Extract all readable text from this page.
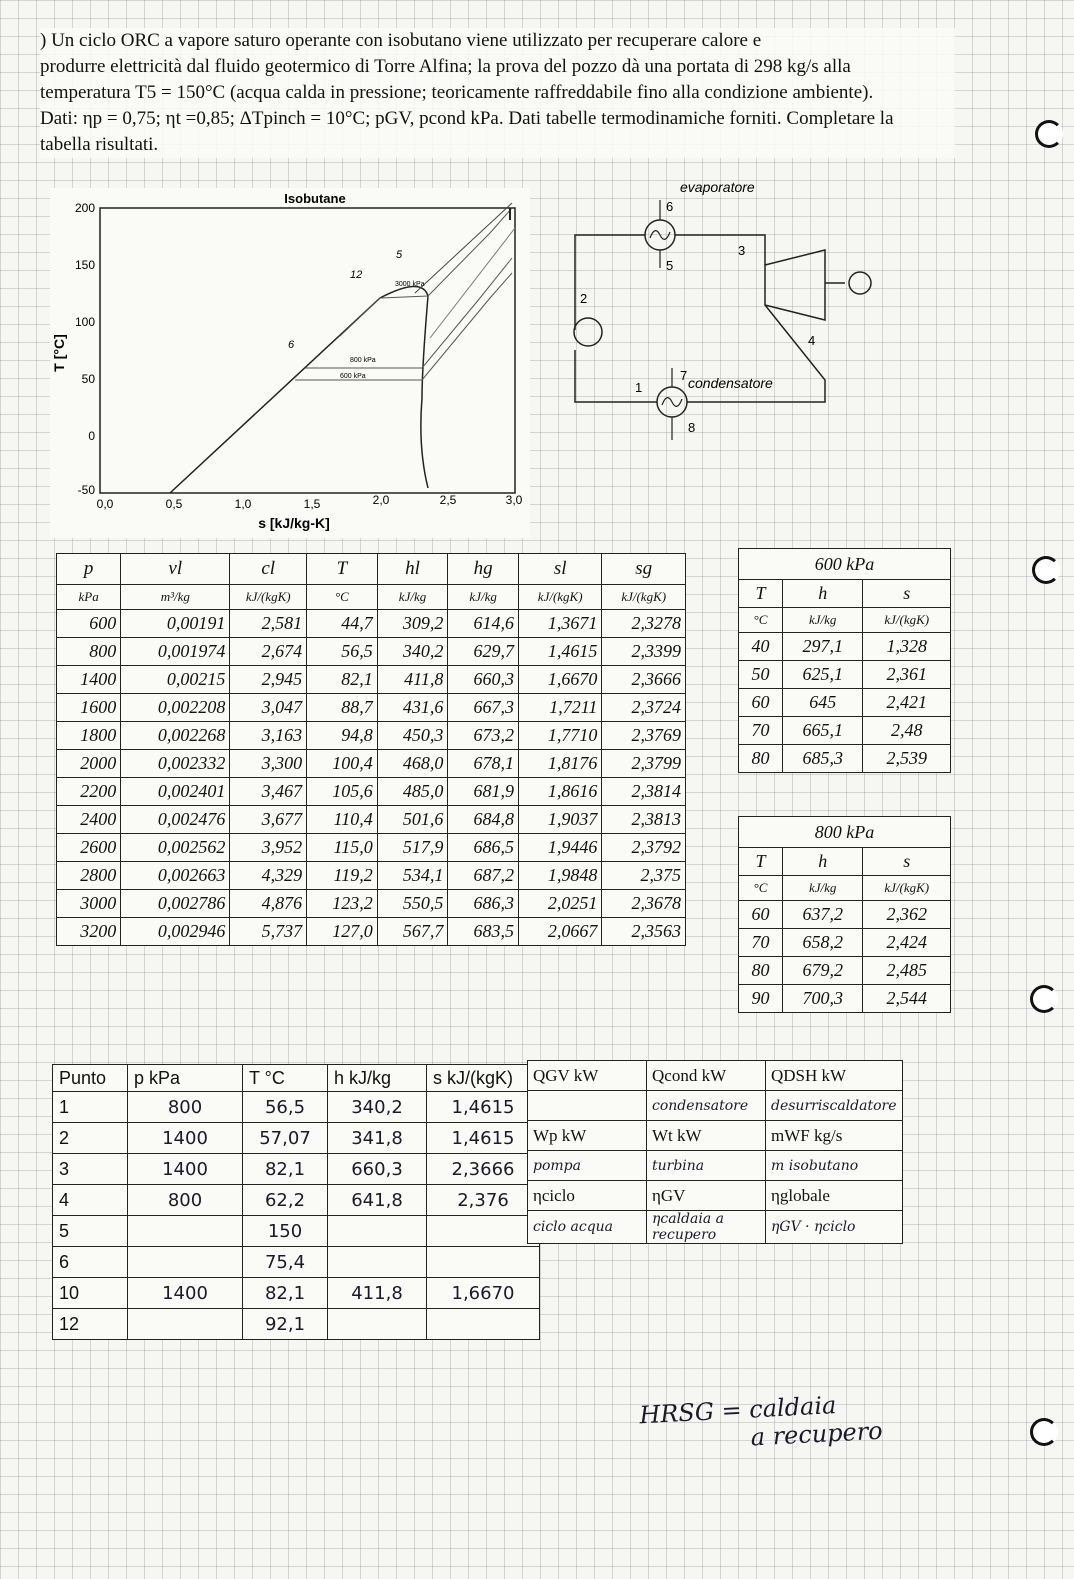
) Un ciclo ORC a vapore saturo operante con isobutano viene utilizzato per recuperare calore e
produrre elettricità dal fluido geotermico di Torre Alfina; la prova del pozzo dà una portata di 298 kg/s alla
temperatura T5 = 150°C (acqua calda in pressione; teoricamente raffreddabile fino alla condizione ambiente).
Dati: ηp = 0,75; ηt =0,85; ΔTpinch = 10°C; pGV, pcond kPa. Dati tabelle termodinamiche forniti. Completare la
tabella risultati.
Isobutane
200
150
100
50
0
-50
0,0	0,5	1,0	1,5	2,0	2,5	3,0
s [kJ/kg-K]
T [°C]
3000 kPa
800 kPa
600 kPa
12
5
6
evaporatore
condensatore
1
2
3
4
5
6
7
8
p	vl	cl	T	hl	hg	sl	sg
kPa	m³/kg	kJ/(kgK)	°C	kJ/kg	kJ/kg	kJ/(kgK)	kJ/(kgK)
600	0,00191	2,581	44,7	309,2	614,6	1,3671	2,3278
800	0,001974	2,674	56,5	340,2	629,7	1,4615	2,3399
1400	0,00215	2,945	82,1	411,8	660,3	1,6670	2,3666
1600	0,002208	3,047	88,7	431,6	667,3	1,7211	2,3724
1800	0,002268	3,163	94,8	450,3	673,2	1,7710	2,3769
2000	0,002332	3,300	100,4	468,0	678,1	1,8176	2,3799
2200	0,002401	3,467	105,6	485,0	681,9	1,8616	2,3814
2400	0,002476	3,677	110,4	501,6	684,8	1,9037	2,3813
2600	0,002562	3,952	115,0	517,9	686,5	1,9446	2,3792
2800	0,002663	4,329	119,2	534,1	687,2	1,9848	2,375
3000	0,002786	4,876	123,2	550,5	686,3	2,0251	2,3678
3200	0,002946	5,737	127,0	567,7	683,5	2,0667	2,3563
600 kPa		
T	h	s
°C	kJ/kg	kJ/(kgK)
40	297,1	1,328
50	625,1	2,361
60	645	2,421
70	665,1	2,48
80	685,3	2,539
800 kPa		
T	h	s
°C	kJ/kg	kJ/(kgK)
60	637,2	2,362
70	658,2	2,424
80	679,2	2,485
90	700,3	2,544
Punto	p kPa	T °C	h kJ/kg	s kJ/(kgK)
1	800	56,5	340,2	1,4615
2	1400	57,07	341,8	1,4615
3	1400	82,1	660,3	2,3666
4	800	62,2	641,8	2,376
5		150		
6		75,4		
10	1400	82,1	411,8	1,6670
12		92,1		
QGV kW	Qcond kW	QDSH kW
	condensatore	desurriscaldatore
Wp kW	Wt kW	mWF kg/s
pompa	turbina	m isobutano
ηciclo	ηGV	ηglobale
ciclo acqua	ηcaldaia a recupero	ηGV · ηciclo
HRSG = caldaia
a recupero
